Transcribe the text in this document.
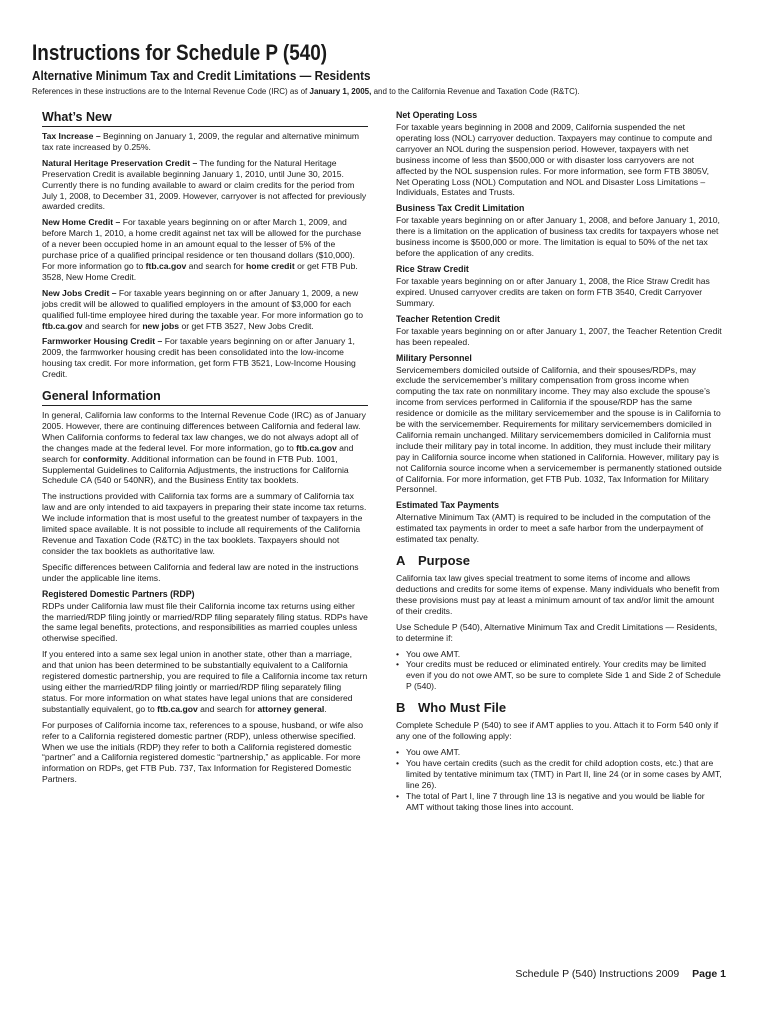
Instructions for Schedule P (540)
Alternative Minimum Tax and Credit Limitations — Residents
References in these instructions are to the Internal Revenue Code (IRC) as of January 1, 2005, and to the California Revenue and Taxation Code (R&TC).
What’s New

Tax Increase – Beginning on January 1, 2009, the regular and alternative minimum tax rate increased by 0.25%.

Natural Heritage Preservation Credit – The funding for the Natural Heritage Preservation Credit is available beginning January 1, 2010, until June 30, 2015. Currently there is no funding available to award or claim credits for the period from July 1, 2008, to December 31, 2009. However, carryover is not affected for previously awarded credits.

New Home Credit – For taxable years beginning on or after March 1, 2009, and before March 1, 2010, a home credit against net tax will be allowed for the purchase of a never been occupied home in an amount equal to the lesser of 5% of the purchase price of a qualified principal residence or ten thousand dollars ($10,000). For more information go to ftb.ca.gov and search for home credit or get FTB Pub. 3528, New Home Credit.

New Jobs Credit – For taxable years beginning on or after January 1, 2009, a new jobs credit will be allowed to qualified employers in the amount of $3,000 for each qualified full-time employee hired during the taxable year. For more information go to ftb.ca.gov and search for new jobs or get FTB 3527, New Jobs Credit.

Farmworker Housing Credit – For taxable years beginning on or after January 1, 2009, the farmworker housing credit has been consolidated into the low-income housing tax credit. For more information, get form FTB 3521, Low-Income Housing Credit.

General Information

In general, California law conforms to the Internal Revenue Code (IRC) as of January 2005. However, there are continuing differences between California and federal law. When California conforms to federal tax law changes, we do not always adopt all of the changes made at the federal level. For more information, go to ftb.ca.gov and search for conformity. Additional information can be found in FTB Pub. 1001, Supplemental Guidelines to California Adjustments, the instructions for California Schedule CA (540 or 540NR), and the Business Entity tax booklets.

The instructions provided with California tax forms are a summary of California tax law and are only intended to aid taxpayers in preparing their state income tax returns. We include information that is most useful to the greatest number of taxpayers in the limited space available. It is not possible to include all requirements of the California Revenue and Taxation Code (R&TC) in the tax booklets. Taxpayers should not consider the tax booklets as authoritative law.

Specific differences between California and federal law are noted in the instructions under the applicable line items.

Registered Domestic Partners (RDP)

RDPs under California law must file their California income tax returns using either the married/RDP filing jointly or married/RDP filing separately filing status. RDPs have the same legal benefits, protections, and responsibilities as married couples unless otherwise specified.

If you entered into a same sex legal union in another state, other than a marriage, and that union has been determined to be substantially equivalent to a California registered domestic partnership, you are required to file a California income tax return using either the married/RDP filing jointly or married/RDP filing separately filing status. For more information on what states have legal unions that are considered substantially equivalent, go to ftb.ca.gov and search for attorney general.

For purposes of California income tax, references to a spouse, husband, or wife also refer to a California registered domestic partner (RDP), unless otherwise specified. When we use the initials (RDP) they refer to both a California registered domestic “partner” and a California registered domestic “partnership,” as applicable. For more information on RDPs, get FTB Pub. 737, Tax Information for Registered Domestic Partners.

Net Operating Loss

For taxable years beginning in 2008 and 2009, California suspended the net operating loss (NOL) carryover deduction. Taxpayers may continue to compute and carryover an NOL during the suspension period. However, taxpayers with net business income of less than $500,000 or with disaster loss carryovers are not affected by the NOL suspension rules. For more information, see form FTB 3805V, Net Operating Loss (NOL) Computation and NOL and Disaster Loss Limitations – Individuals, Estates and Trusts.

Business Tax Credit Limitation

For taxable years beginning on or after January 1, 2008, and before January 1, 2010, there is a limitation on the application of business tax credits for taxpayers whose net business income is $500,000 or more. The limitation is equal to 50% of the net tax before the application of any credits.

Rice Straw Credit

For taxable years beginning on or after January 1, 2008, the Rice Straw Credit has expired. Unused carryover credits are taken on form FTB 3540, Credit Carryover Summary.

Teacher Retention Credit

For taxable years beginning on or after January 1, 2007, the Teacher Retention Credit has been repealed.

Military Personnel

Servicemembers domiciled outside of California, and their spouses/RDPs, may exclude the servicemember’s military compensation from gross income when computing the tax rate on nonmilitary income. They may also exclude the spouse’s income from services performed in California if the spouse/RDP has the same residence or domicile as the military servicemember and the spouse is in California to be with the servicemember. Requirements for military servicemembers domiciled in California remain unchanged. Military servicemembers domiciled in California must include their military pay in total income. In addition, they must include their military pay in California source income when stationed in California. However, military pay is not California source income when a servicemember is permanently stationed outside of California. For more information, get FTB Pub. 1032, Tax Information for Military Personnel.

Estimated Tax Payments

Alternative Minimum Tax (AMT) is required to be included in the computation of the estimated tax payments in order to meet a safe harbor from the underpayment of estimated tax penalty.

A Purpose

California tax law gives special treatment to some items of income and allows deductions and credits for some items of expense. Many individuals who benefit from these provisions must pay at least a minimum amount of tax and/or limit the amount of their credits.

Use Schedule P (540), Alternative Minimum Tax and Credit Limitations — Residents, to determine if:

• You owe AMT.
• Your credits must be reduced or eliminated entirely. Your credits may be limited even if you do not owe AMT, so be sure to complete Side 1 and Side 2 of Schedule P (540).
B Who Must File

Complete Schedule P (540) to see if AMT applies to you. Attach it to Form 540 only if any one of the following apply:

• You owe AMT.
• You have certain credits (such as the credit for child adoption costs, etc.) that are limited by tentative minimum tax (TMT) in Part II, line 24 (or in some cases by AMT, line 26).
• The total of Part I, line 7 through line 13 is negative and you would be liable for AMT without taking those lines into account.
Schedule P (540) Instructions 2009 Page 1
